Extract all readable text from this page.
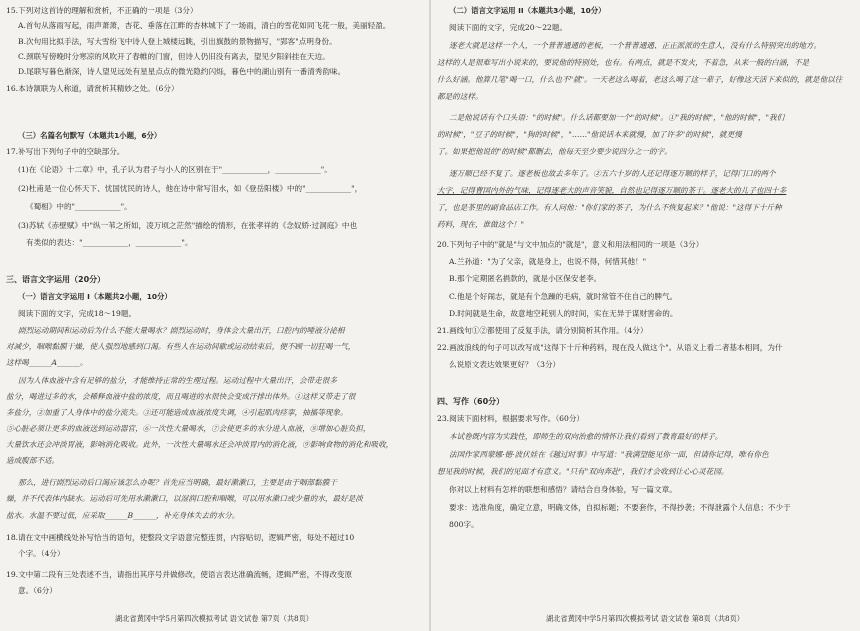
15.下列对这首诗的理解和赏析，不正确的一项是（3分）
A.首句从落雨写起，雨声萧萧，杏花、垂落在江畔的杏林城下了一场雨，清白的雪花如同飞花一般，美丽轻盈。
B.次句用比拟手法，写大雪纷飞中诗人登上城楼远眺，引出旗鼓的景物描写，"郢客"点明身份。
C.颈联写傍晚时分寒凉的风吹开了春帷的门窗，但诗人仍旧没有离去，望见夕阳斜挂在天边。
D.尾联写暮色渐深，诗人望见远处有星星点点的微光隐约闪烁，暮色中的湖山别有一番清秀韵味。
16.本诗颔联为人称道，请赏析其精妙之处。（6分）
（三）名篇名句默写（本题共1小题，6分）
17.补写出下列句子中的空缺部分。
(1)在《论语》十二章》中，孔子认为君子与小人的区别在于"____________，____________"。
(2)杜甫是一位心怀天下、忧国忧民的诗人，他在诗中常写泪水，如《登岳阳楼》中的"____________"，
《蜀相》中的"____________"。
(3)苏轼《赤壁赋》中"纵一苇之所如，凌万顷之茫然"描绘的情形，在张孝祥的《念奴娇·过洞庭》中也
有类似的表达："____________，____________"。
三、语言文字运用（20分）
（一）语言文字运用 I（本题共2小题，10分）
阅读下面的文字，完成18～19题。
剧烈运动期间和运动后为什么不能大量喝水？剧烈运动时，身体会大量出汗，口腔内的唾液分泌相
对减少，咽喉黏膜干燥，使人强烈地感到口渴。有些人在运动间歇或运动结束后，便不顾一切狂喝一气，
这样喝______A______。
因为人体血液中含有足够的盐分，才能维持正常的生理过程。运动过程中大量出汗，会带走很多
盐分，喝进过多的水，会稀释血液中盐的浓度，而且喝进的水很快会变成汗排出体外。①这样又带走了很
多盐分，②加重了人身体中的盐分流失。③还可能造成血液浓度失调，④引起肌肉痉挛，抽搐等现象。
⑤心脏必须让更多的血液送到运动器官，⑥一次性大量喝水，⑦会使更多的水分进入血液，⑧增加心脏负担，
大量饮水还会冲淡胃液，影响消化吸收。此外，一次性大量喝水还会冲淡胃内的消化液，⑨影响食物的消化和吸收，
造成腹部不适。
那么，进行剧烈运动后口渴应该怎么办呢？首先应当明确，最好漱漱口，主要是由于咽部黏膜干
燥，并不代表体内缺水。运动后可先用水漱漱口，以湿润口腔和咽喉，可以用水漱口或少量的水，最好是淡
盐水。水温不要过低，应采取______B______，补充身体失去的水分。
18.请在文中画横线处补写恰当的语句，使整段文字语意完整连贯，内容贴切，逻辑严密，每处不超过10
个字。（4分）
19.文中第二段有三处表述不当，请指出其序号并做修改，使语言表达准确流畅，逻辑严密，不得改变原
意。（6分）
湖北省黄冈中学5月第四次模拟考试 语文试卷 第7页（共8页）
（二）语言文字运用 II（本题共3小题，10分）
阅读下面的文字，完成20～22题。
逐老大就是这样一个人，一个普普通通的老板，一个普普通通、正正派派的生意人，没有什么特别突出的地方。
这样的人是很难写出小说来的，要说他的特别处，也有。有两点，就是不发火，不着急，从来一般的白涵，不是
什么好涵。他算几笔"喝一口，什么也不"就"。一天老这么喝着，老这么喝了这一辈子，好像这天活下来似的，就是他以往
都是的这样。
二是他说话有个口头语："的时候"。什么话都要加一个"的时候"。①"我的时候"，"他的时候"，"我们
的时候"，"豆子的时候"，"狗的时候"，"……"他说话本来就慢，加了许多"的时候"，就更慢
了。如果把他说的"的时候"都删去，他每天至少要少说四分之一的字。
逐万顺已经不复了。逐老板也故去多年了。②五六十岁的人还记得逐万顺的样子，记得门口的两个
大字，记得曹国内外的气味，记得逐老大的声音笑貌，自然也记得逐万顺的茶干。逐老大的儿子也四十多
了，也是茶里的副食品店工作。有人问他："你们家的茶子，为什么不恢复起来？"他说："这得下十斤种
药料，现在，谁做这个！"
20.下列句子中的"就是"与文中加点的"就是"，意义和用法相同的一项是（3分）
A.兰孙道："为了父亲，就是身上，也说不得，何惜其他！"
B.那个定期匿名捐款的，就是小区保安老李。
C.他是个好闹志，就是有个急躁的毛病，就时常管不住自己的脾气。
D.时间就是生命，故意地空耗别人的时间，实在无异于谋财害命的。
21.画线句①②都使用了反复手法，请分别简析其作用。（4分）
22.画波浪线的句子可以改写成"这得下十斤种药料，现在没人做这个"。从语义上看二者基本相同，为什
么说原文表达效果更好？（3分）
四、写作（60分）
23.阅读下面材料，根据要求写作。（60分）
本试卷既内容为实践性，即师生的双向治愈的情怀让我们看到了教育最好的样子。
法国作家西蒙娜·德·波伏娃在《越过时事》中写道："我满望能见你一面，但请你记得，唯有你色
想见我的时候，我们的见面才有意义。"只有"双向奔赴"，我们才会收到让心心灵花园。
你对以上材料有怎样的联想和感悟？请结合自身体验，写一篇文章。
要求：选准角度，确定立意，明确文体，自拟标题；不要套作，不得抄袭；不得泄露个人信息；不少于
800字。
湖北省黄冈中学5月第四次模拟考试 语文试卷 第8页（共8页）
